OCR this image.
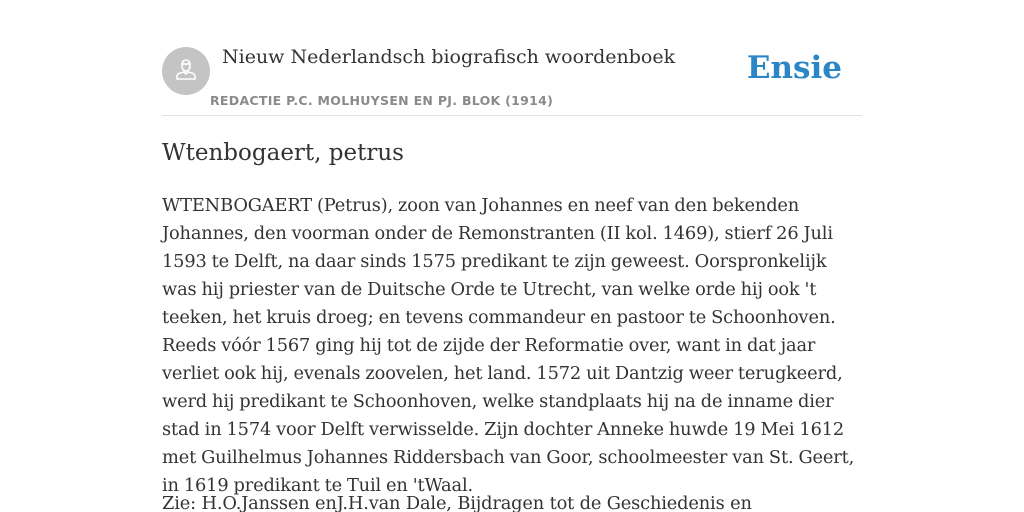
Nieuw Nederlandsch biografisch woordenboek
REDACTIE P.C. MOLHUYSEN EN PJ. BLOK (1914)
Ensie
Wtenbogaert, petrus

WTENBOGAERT (Petrus), zoon van Johannes en neef van den bekenden Johannes, den voorman onder de Remonstranten (II kol. 1469), stierf 26 Juli 1593 te Delft, na daar sinds 1575 predikant te zijn geweest. Oorspronkelijk was hij priester van de Duitsche Orde te Utrecht, van welke orde hij ook 't teeken, het kruis droeg; en tevens commandeur en pastoor te Schoonhoven. Reeds vóór 1567 ging hij tot de zijde der Reformatie over, want in dat jaar verliet ook hij, evenals zoovelen, het land. 1572 uit Dantzig weer terugkeerd, werd hij predikant te Schoonhoven, welke standplaats hij na de inname dier stad in 1574 voor Delft verwisselde. Zijn dochter Anneke huwde 19 Mei 1612 met Guilhelmus Johannes Riddersbach van Goor, schoolmeester van St. Geert, in 1619 predikant te Tuil en 'tWaal.

Zie: H.O.Janssen enJ.H.van Dale, Bijdragen tot de Geschiedenis en
